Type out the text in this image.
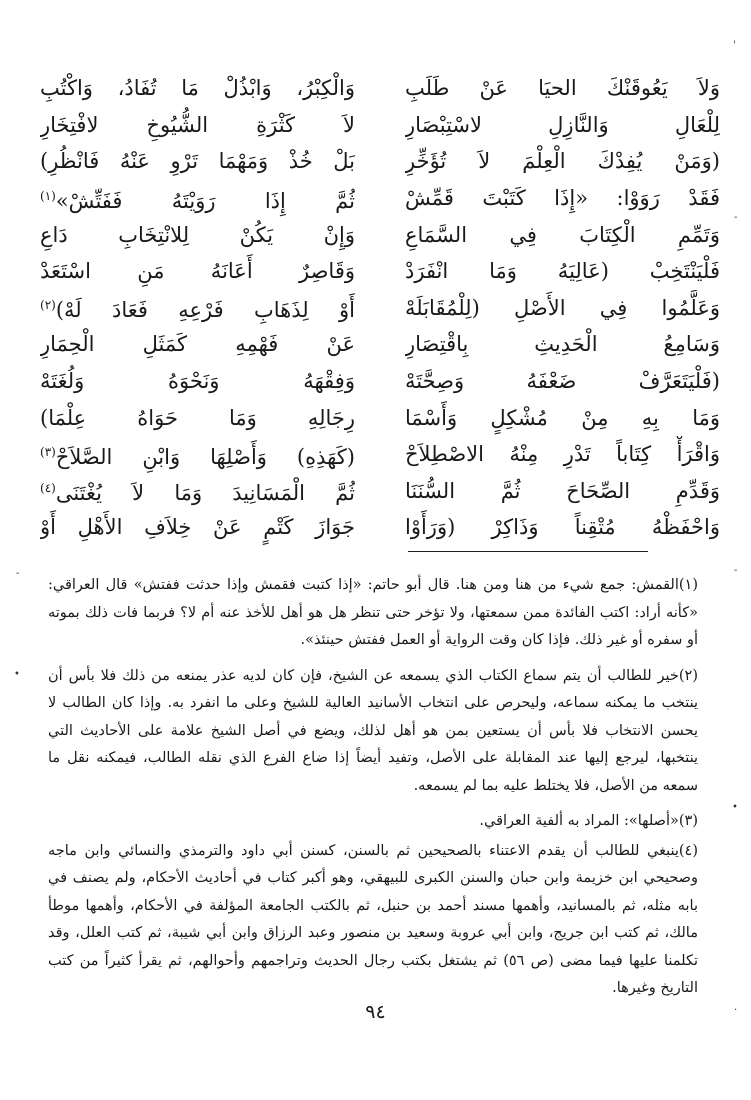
وَلاَ يَعُوقَنْكَ الحيَا عَنْ طَلَبِ
وَالْكِبْرُ، وَابْذُلْ مَا تُفَادُ، وَاكْتُبِ
لِلْعَالِ وَالنَّازِلِ لاسْتِبْصَارِ
لاَ كَثْرَةِ الشُّيُوخِ لافْتِخَارِ
(وَمَنْ يُفِدْكَ الْعِلْمَ لاَ تُؤَخِّرِ
بَلْ خُذْ وَمَهْمَا تَرْوِ عَنْهُ فَانْظُرِ)
فَقَدْ رَوَوْا: «إِذَا كَتَبْتَ قَمِّشْ
ثُمَّ إِذَا رَوَيْتَهُ فَفَتِّشْ»$^{(١)}$
وَتَمِّمِ الْكِتَابَ فِي السَّمَاعِ
وَإِنْ يَكُنْ لِلانْتِخَابِ دَاعِ
فَلْيَنْتَخِبْ (عَالِيَهُ وَمَا انْفَرَدْ
وَقَاصِرٌ أَعَانَهُ مَنِ اسْتَعَدْ
وَعَلَّمُوا فِي الأَصْلِ (لِلْمُقَابَلَهْ
أَوْ لِذَهَابِ فَرْعِهِ فَعَادَ لَهْ)$^{(٢)}$
وَسَامِعُ الْحَدِيثِ بِاقْتِصَارِ
عَنْ فَهْمِهِ كَمَثَلِ الْحِمَارِ
(فَلْيَتَعَرَّفْ ضَعْفَهُ وَصِحَّتَهْ
وَفِقْهَهُ وَنَحْوَهُ وَلُغَتَهْ
وَمَا بِهِ مِنْ مُشْكِلٍ وَأَسْمَا
رِجَالِهِ وَمَا حَوَاهُ عِلْمَا)
وَاقْرَأْ كِتَاباً تَدْرِ مِنْهُ الاصْطِلاَحْ
(كَهَذِهِ) وَأَصْلِهَا وَابْنِ الصَّلاَحْ$^{(٣)}$
وَقَدِّمِ الصِّحَاحَ ثُمَّ السُّنَنَا
ثُمَّ الْمَسَانِيدَ وَمَا لاَ يُغْتَنَى$^{(٤)}$
وَاحْفَظْهُ مُتْقِناً وَذَاكِرْ (وَرَأَوْا
جَوَازَ كَتْمٍ عَنْ خِلاَفِ الأَهْلِ أَوْ

(١)القمش: جمع شيء من هنا ومن هنا. قال أبو حاتم: «إذا كتبت فقمش وإذا حدثت ففتش» قال العراقي: «كأنه أراد: اكتب الفائدة ممن سمعتها، ولا تؤخر حتى تنظر هل هو أهل للأخذ عنه أم لا؟ فربما فات ذلك بموته أو سفره أو غير ذلك. فإذا كان وقت الرواية أو العمل ففتش حينئذ».

(٢)خير للطالب أن يتم سماع الكتاب الذي يسمعه عن الشيخ، فإن كان لديه عذر يمنعه من ذلك فلا بأس أن ينتخب ما يمكنه سماعه، وليحرص على انتخاب الأسانيد العالية للشيخ وعلى ما انفرد به. وإذا كان الطالب لا يحسن الانتخاب فلا بأس أن يستعين بمن هو أهل لذلك، ويضع في أصل الشيخ علامة على الأحاديث التي ينتخبها، ليرجع إليها عند المقابلة على الأصل، وتفيد أيضاً إذا ضاع الفرع الذي نقله الطالب، فيمكنه نقل ما سمعه من الأصل، فلا يختلط عليه بما لم يسمعه.

(٣)«أصلها»: المراد به ألفية العراقي.

(٤)ينبغي للطالب أن يقدم الاعتناء بالصحيحين ثم بالسنن، كسنن أبي داود والترمذي والنسائي وابن ماجه وصحيحي ابن خزيمة وابن حبان والسنن الكبرى للبيهقي، وهو أكبر كتاب في أحاديث الأحكام، ولم يصنف في بابه مثله، ثم بالمسانيد، وأهمها مسند أحمد بن حنبل، ثم بالكتب الجامعة المؤلفة في الأحكام، وأهمها موطأ مالك، ثم كتب ابن جريج، وابن أبي عروبة وسعيد بن منصور وعبد الرزاق وابن أبي شيبة، ثم كتب العلل، وقد تكلمنا عليها فيما مضى (ص ٥٦) ثم يشتغل بكتب رجال الحديث وتراجمهم وأحوالهم، ثم يقرأ كثيراً من كتب التاريخ وغيرها.

٩٤
'
-
-
-
•
•
.
